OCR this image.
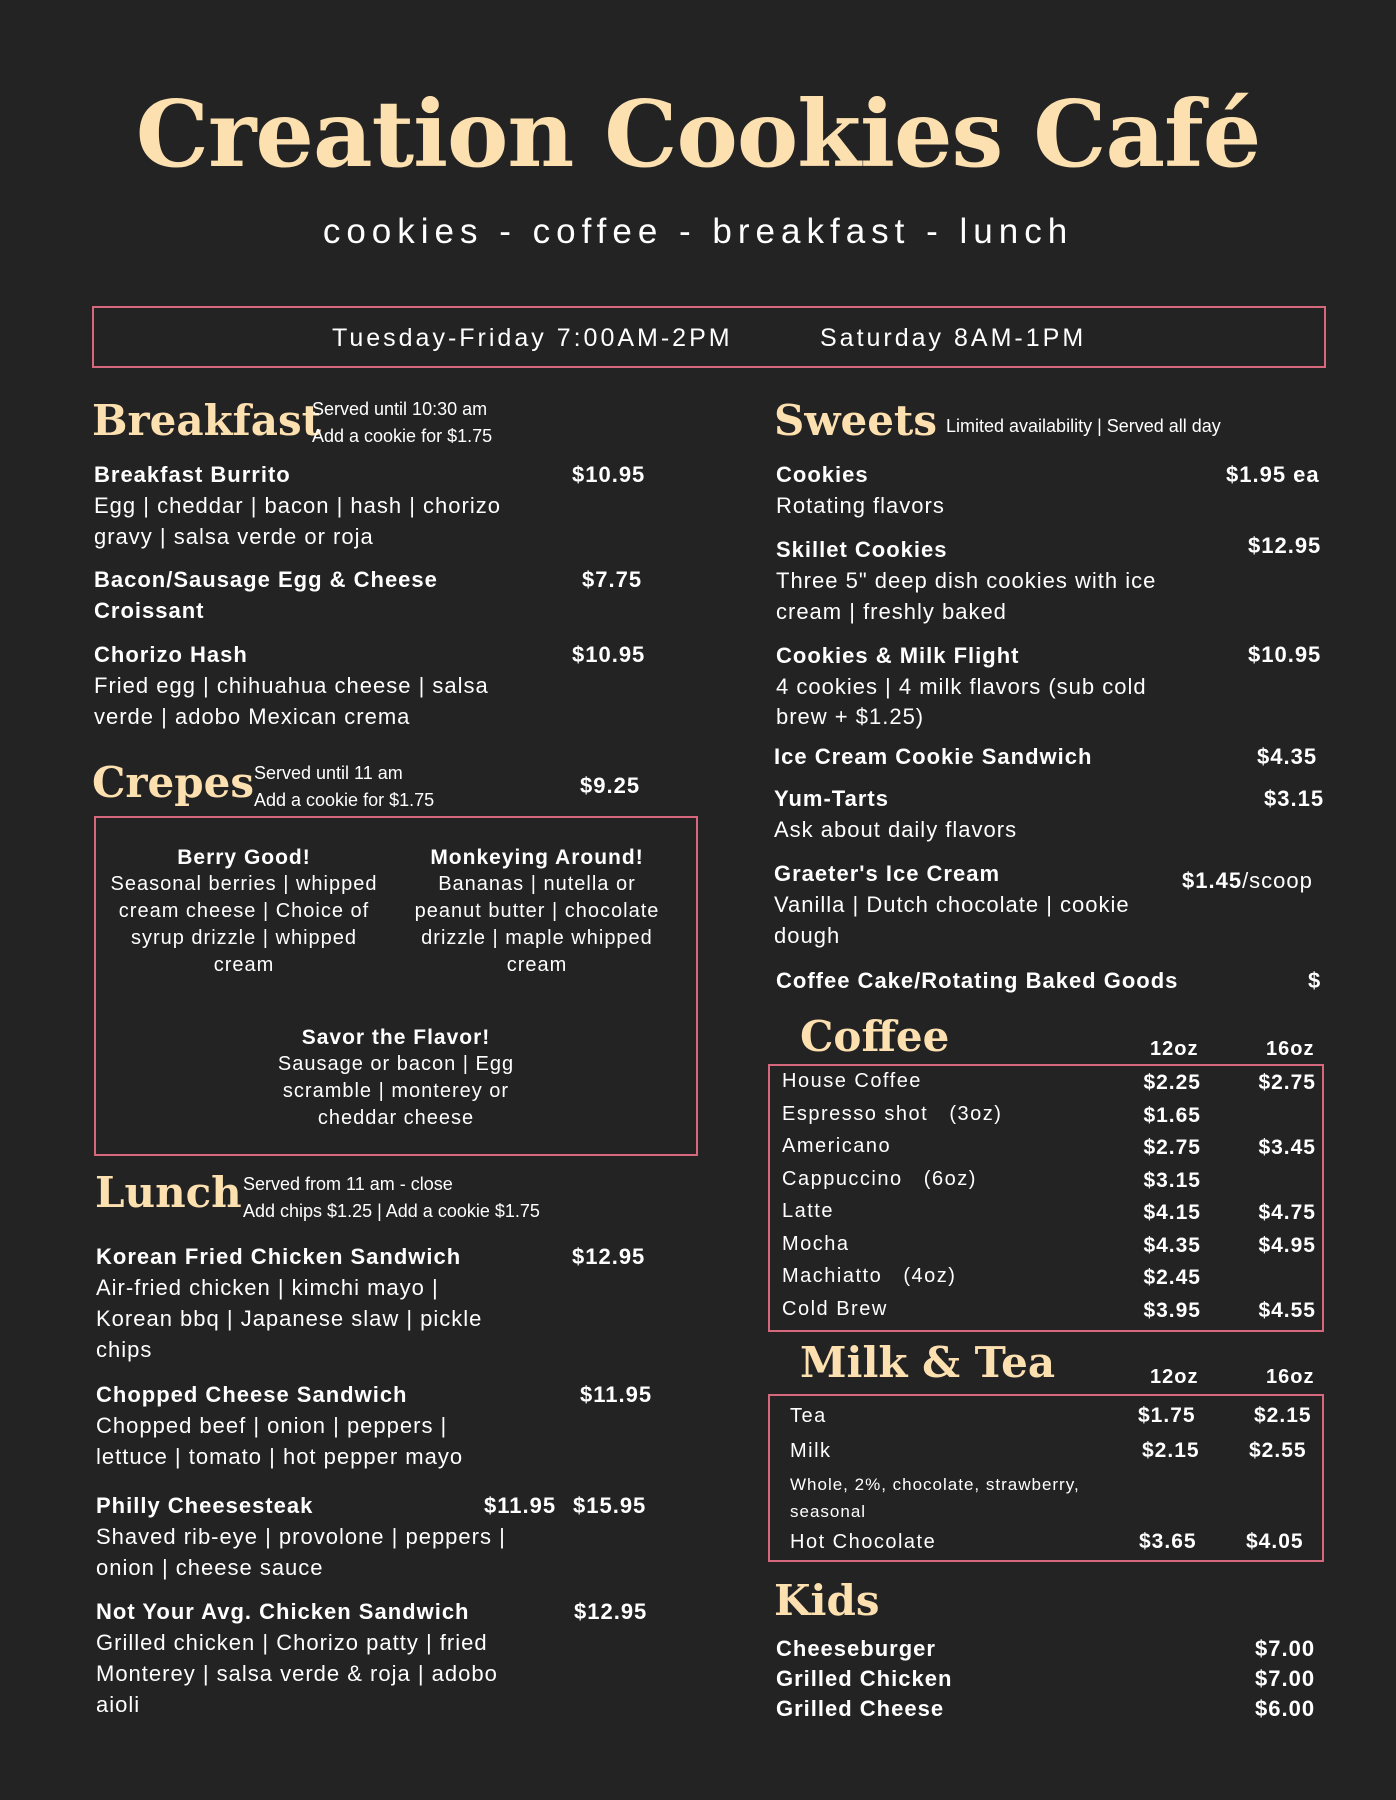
Creation Cookies Café
cookies - coffee - breakfast - lunch
Tuesday-Friday 7:00AM-2PM	Saturday 8AM-1PM
Breakfast
Served until 10:30 am
Add a cookie for $1.75
Breakfast Burrito	$10.95
Egg | cheddar | bacon | hash | chorizo
gravy | salsa verde or roja
Bacon/Sausage Egg & Cheese	$7.75
Croissant
Chorizo Hash	$10.95
Fried egg | chihuahua cheese | salsa
verde | adobo Mexican crema
Crepes Served until 11 am
Add a cookie for $1.75
$9.25
Berry Good!
Seasonal berries | whipped
cream cheese | Choice of
syrup drizzle | whipped
cream
Monkeying Around!
Bananas | nutella or
peanut butter | chocolate
drizzle | maple whipped
cream
Savor the Flavor!
Sausage or bacon | Egg
scramble | monterey or
cheddar cheese
Lunch Served from 11 am - close
Add chips $1.25 | Add a cookie $1.75
Korean Fried Chicken Sandwich	$12.95
Air-fried chicken | kimchi mayo |
Korean bbq | Japanese slaw | pickle
chips
Chopped Cheese Sandwich	$11.95
Chopped beef | onion | peppers |
lettuce | tomato | hot pepper mayo
Philly Cheesesteak	$11.95 $15.95
Shaved rib-eye | provolone | peppers |
onion | cheese sauce
Not Your Avg. Chicken Sandwich	$12.95
Grilled chicken | Chorizo patty | fried
Monterey | salsa verde & roja | adobo
aioli
Sweets Limited availability | Served all day
Cookies	$1.95 ea
Rotating flavors
Skillet Cookies	$12.95
Three 5" deep dish cookies with ice
cream | freshly baked
Cookies & Milk Flight	$10.95
4 cookies | 4 milk flavors (sub cold
brew + $1.25)
Ice Cream Cookie Sandwich	$4.35
Yum-Tarts	$3.15
Ask about daily flavors
Graeter's Ice Cream	$1.45/scoop
Vanilla | Dutch chocolate | cookie
dough
Coffee Cake/Rotating Baked Goods	$
Coffee	12oz	16oz
House Coffee	$2.25	$2.75
Espresso shot   (3oz)	$1.65
Americano	$2.75	$3.45
Cappuccino   (6oz)	$3.15
Latte	$4.15	$4.75
Mocha	$4.35	$4.95
Machiatto   (4oz)	$2.45
Cold Brew	$3.95	$4.55
Milk & Tea	12oz	16oz
Tea	$1.75	$2.15
Milk	$2.15 $2.55
Whole, 2%, chocolate, strawberry,
seasonal
Hot Chocolate	$3.65 $4.05
Kids
Cheeseburger	$7.00
Grilled Chicken	$7.00
Grilled Cheese	$6.00
